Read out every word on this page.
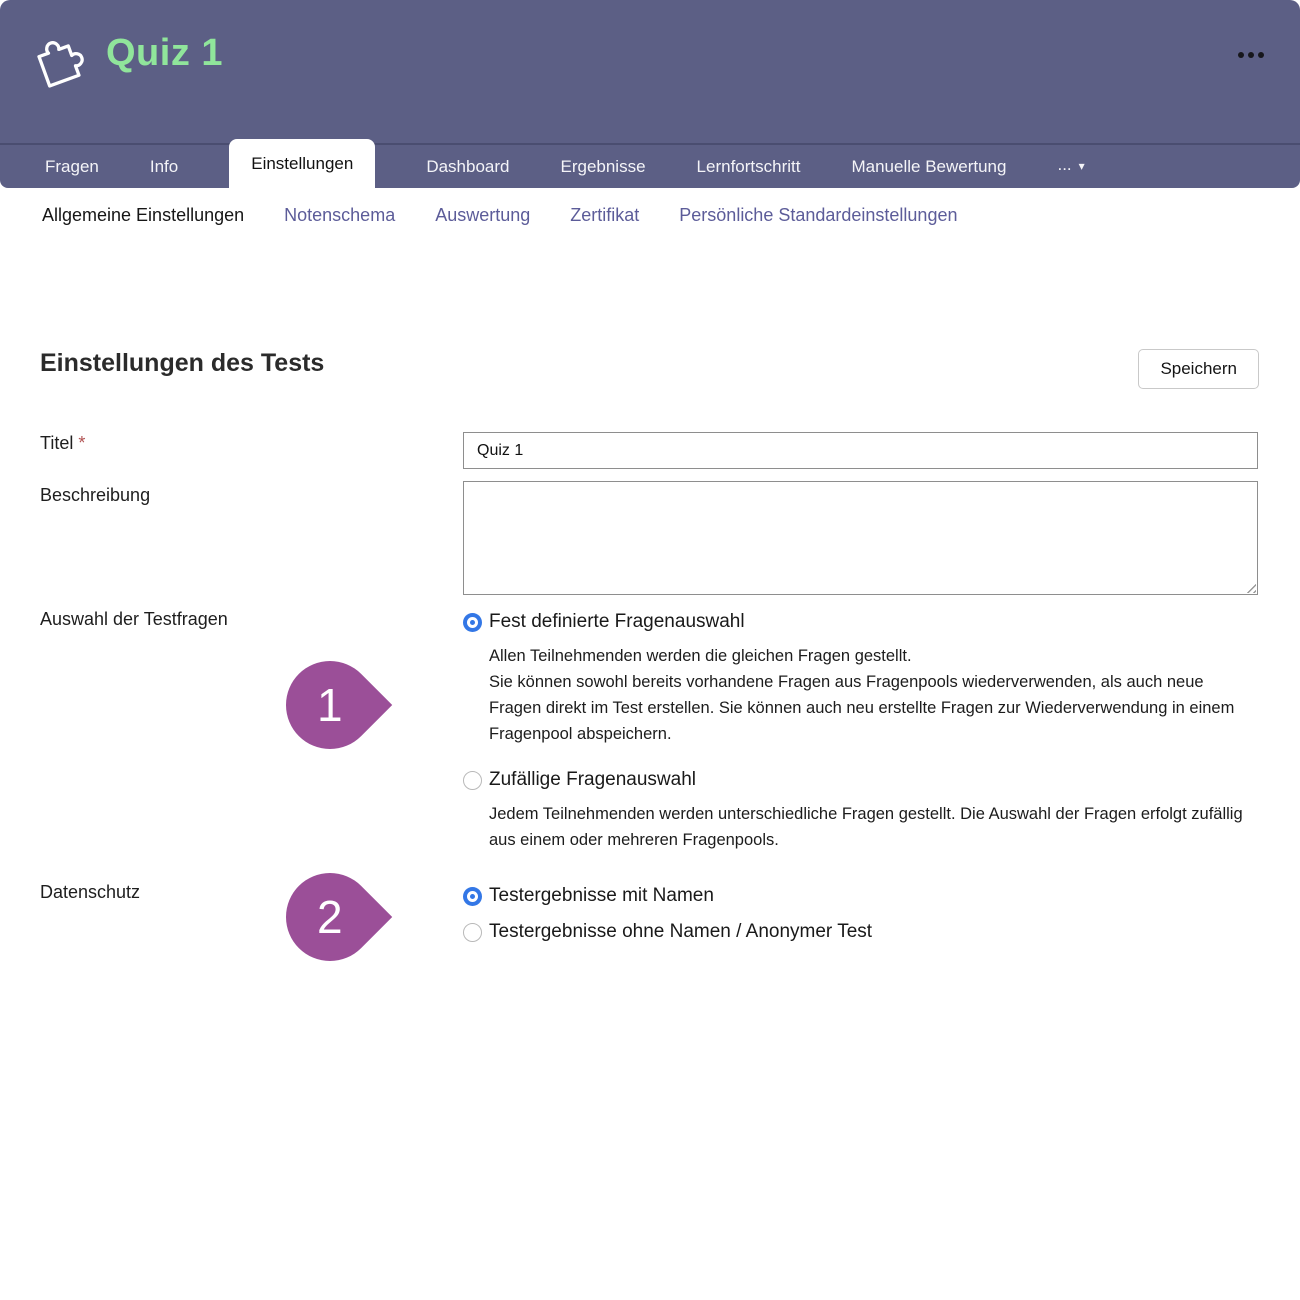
Quiz 1
Fragen	Info	Einstellungen	Dashboard	Ergebnisse	Lernfortschritt	Manuelle Bewertung	... ▾
Allgemeine Einstellungen Notenschema Auswertung Zertifikat Persönliche Standardeinstellungen
Einstellungen des Tests	Speichern
Titel *
Quiz 1
Beschreibung
Auswahl der Testfragen	Fest definierte Fragenauswahl
Allen Teilnehmenden werden die gleichen Fragen gestellt.
Sie können sowohl bereits vorhandene Fragen aus Fragenpools wiederverwenden, als auch neue Fragen direkt im Test erstellen. Sie können auch neu erstellte Fragen zur Wiederverwendung in einem Fragenpool abspeichern.
Zufällige Fragenauswahl
Jedem Teilnehmenden werden unterschiedliche Fragen gestellt. Die Auswahl der Fragen erfolgt zufällig aus einem oder mehreren Fragenpools.
Datenschutz	Testergebnisse mit Namen
Testergebnisse ohne Namen / Anonymer Test
1
2
